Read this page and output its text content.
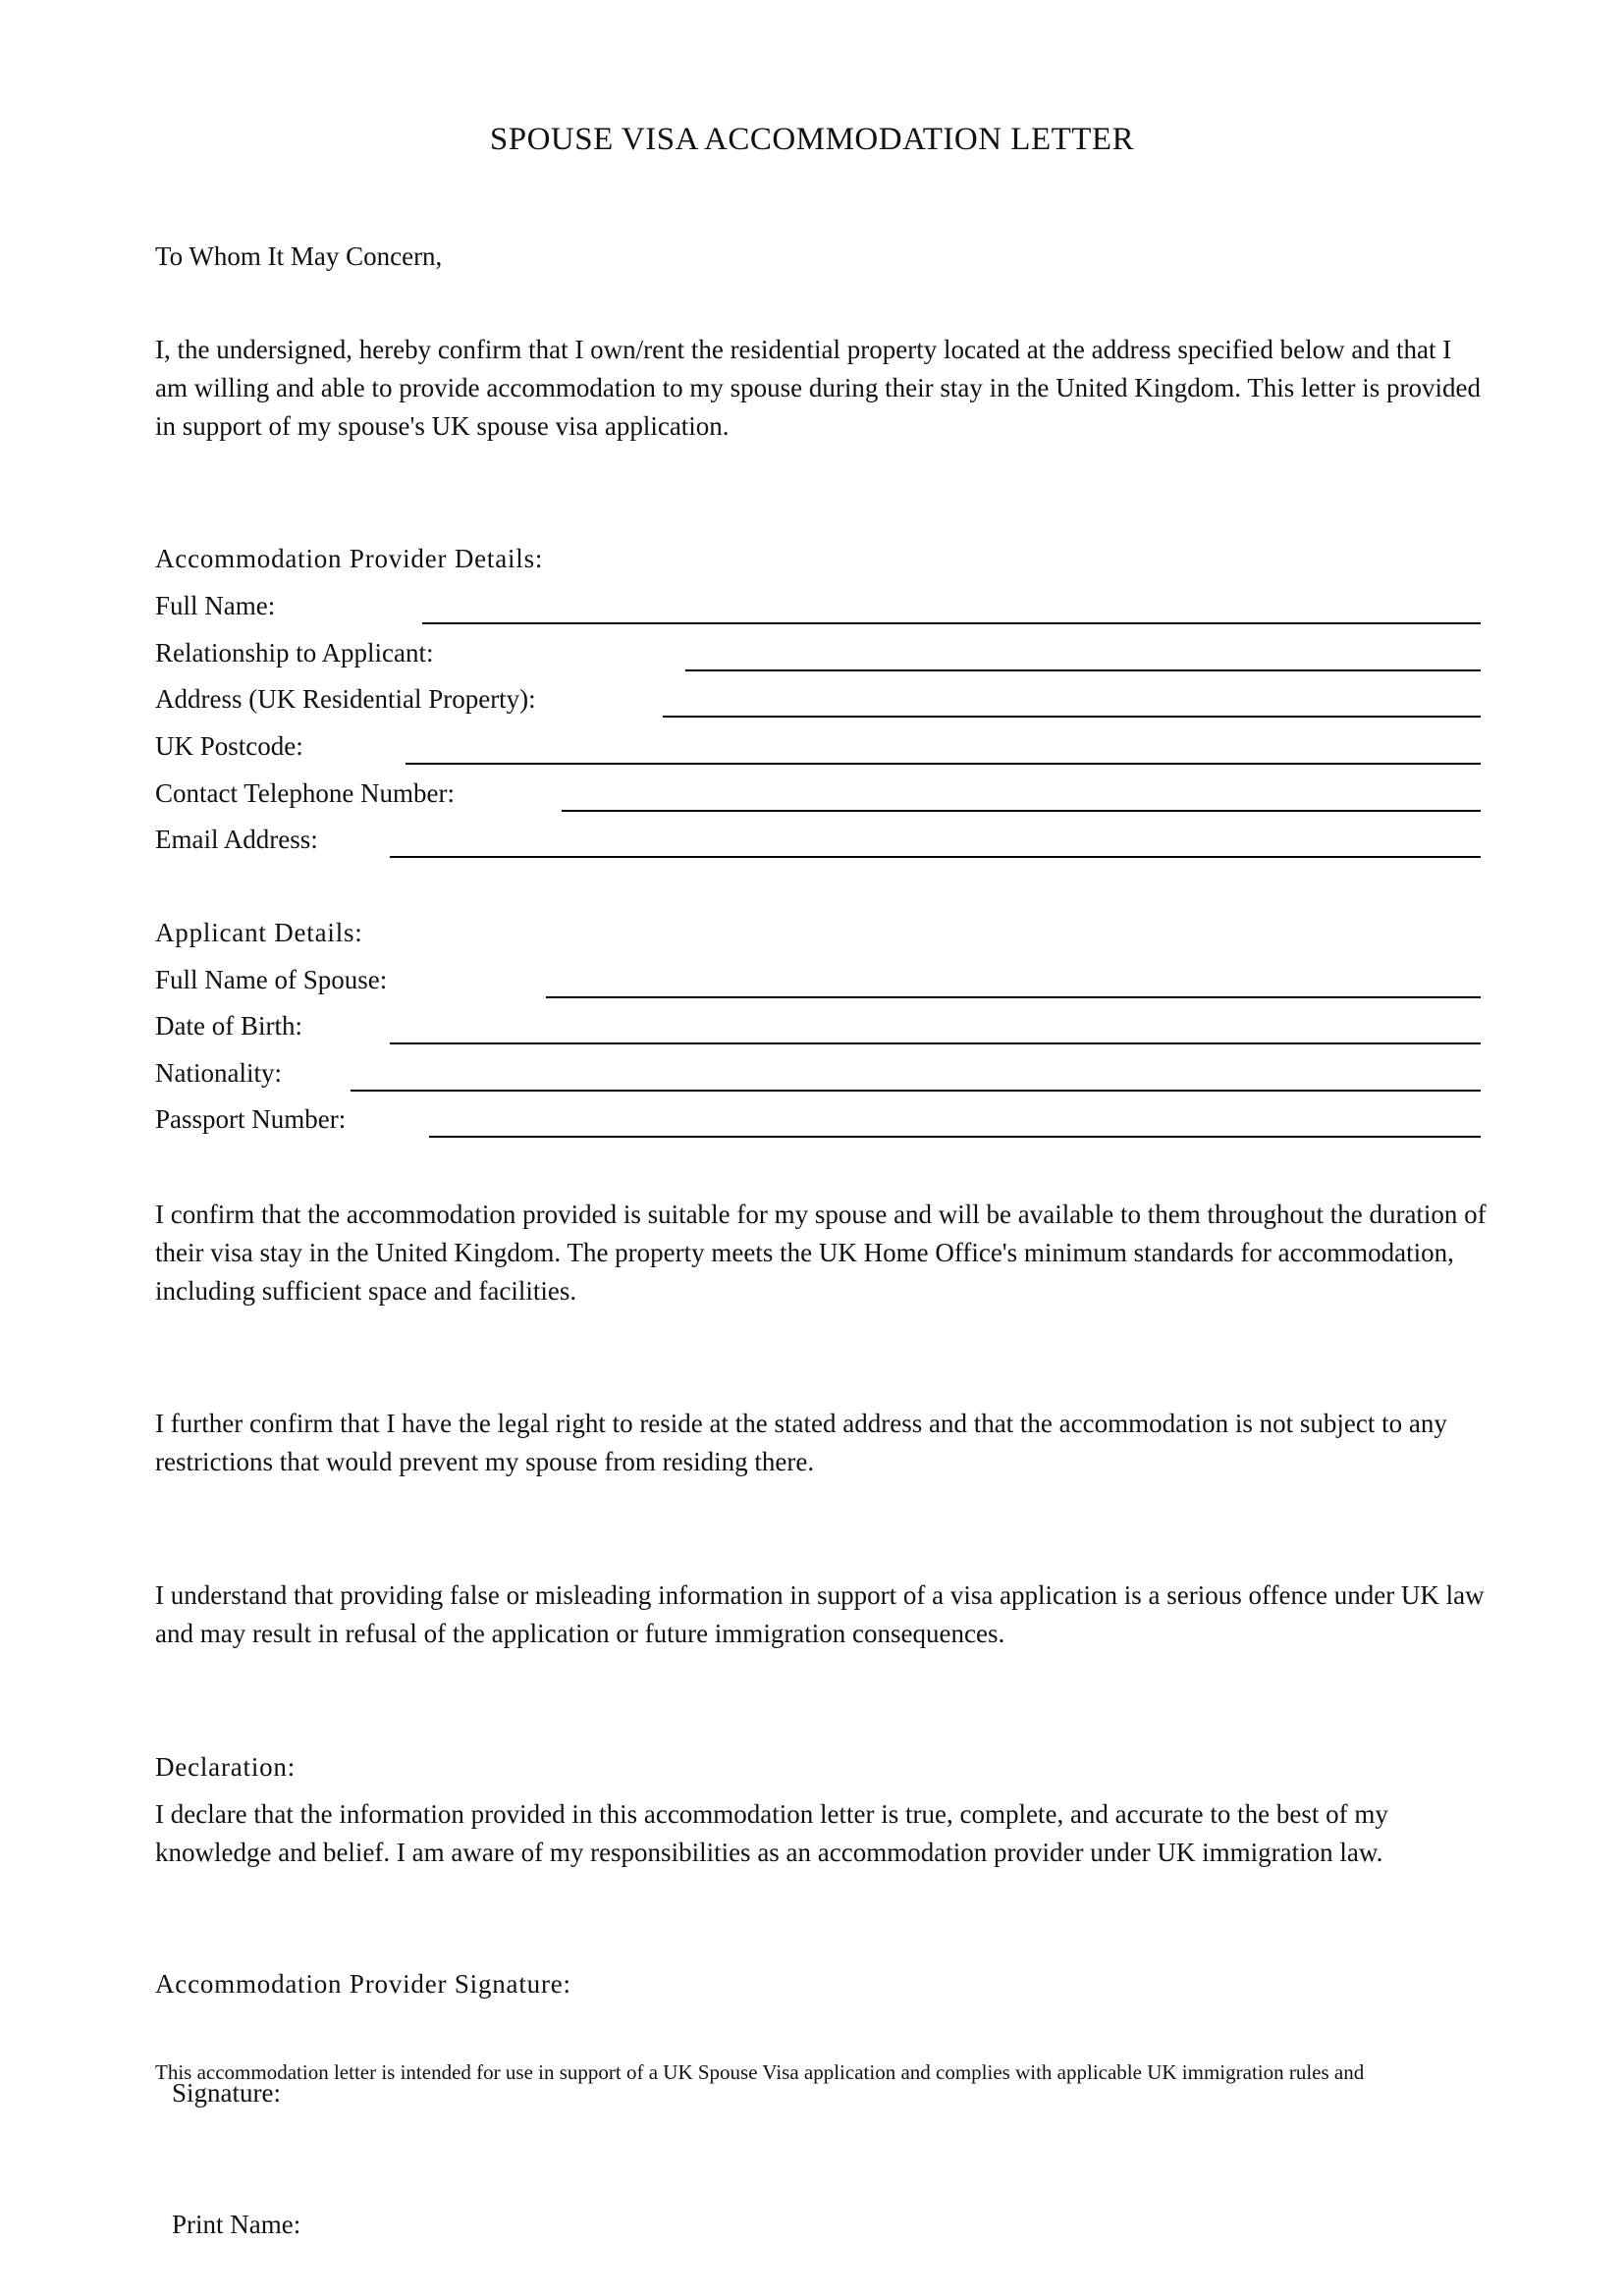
SPOUSE VISA ACCOMMODATION LETTER
To Whom It May Concern,
I, the undersigned, hereby confirm that I own/rent the residential property located at the address specified below and that I am willing and able to provide accommodation to my spouse during their stay in the United Kingdom. This letter is provided in support of my spouse's UK spouse visa application.
Accommodation Provider Details:
Full Name:
Relationship to Applicant:
Address (UK Residential Property):
UK Postcode:
Contact Telephone Number:
Email Address:
Applicant Details:
Full Name of Spouse:
Date of Birth:
Nationality:
Passport Number:
I confirm that the accommodation provided is suitable for my spouse and will be available to them throughout the duration of their visa stay in the United Kingdom. The property meets the UK Home Office's minimum standards for accommodation, including sufficient space and facilities.
I further confirm that I have the legal right to reside at the stated address and that the accommodation is not subject to any restrictions that would prevent my spouse from residing there.
I understand that providing false or misleading information in support of a visa application is a serious offence under UK law and may result in refusal of the application or future immigration consequences.
Declaration:
I declare that the information provided in this accommodation letter is true, complete, and accurate to the best of my knowledge and belief. I am aware of my responsibilities as an accommodation provider under UK immigration law.
Accommodation Provider Signature:
This accommodation letter is intended for use in support of a UK Spouse Visa application and complies with applicable UK immigration rules and
Signature:
Print Name:
